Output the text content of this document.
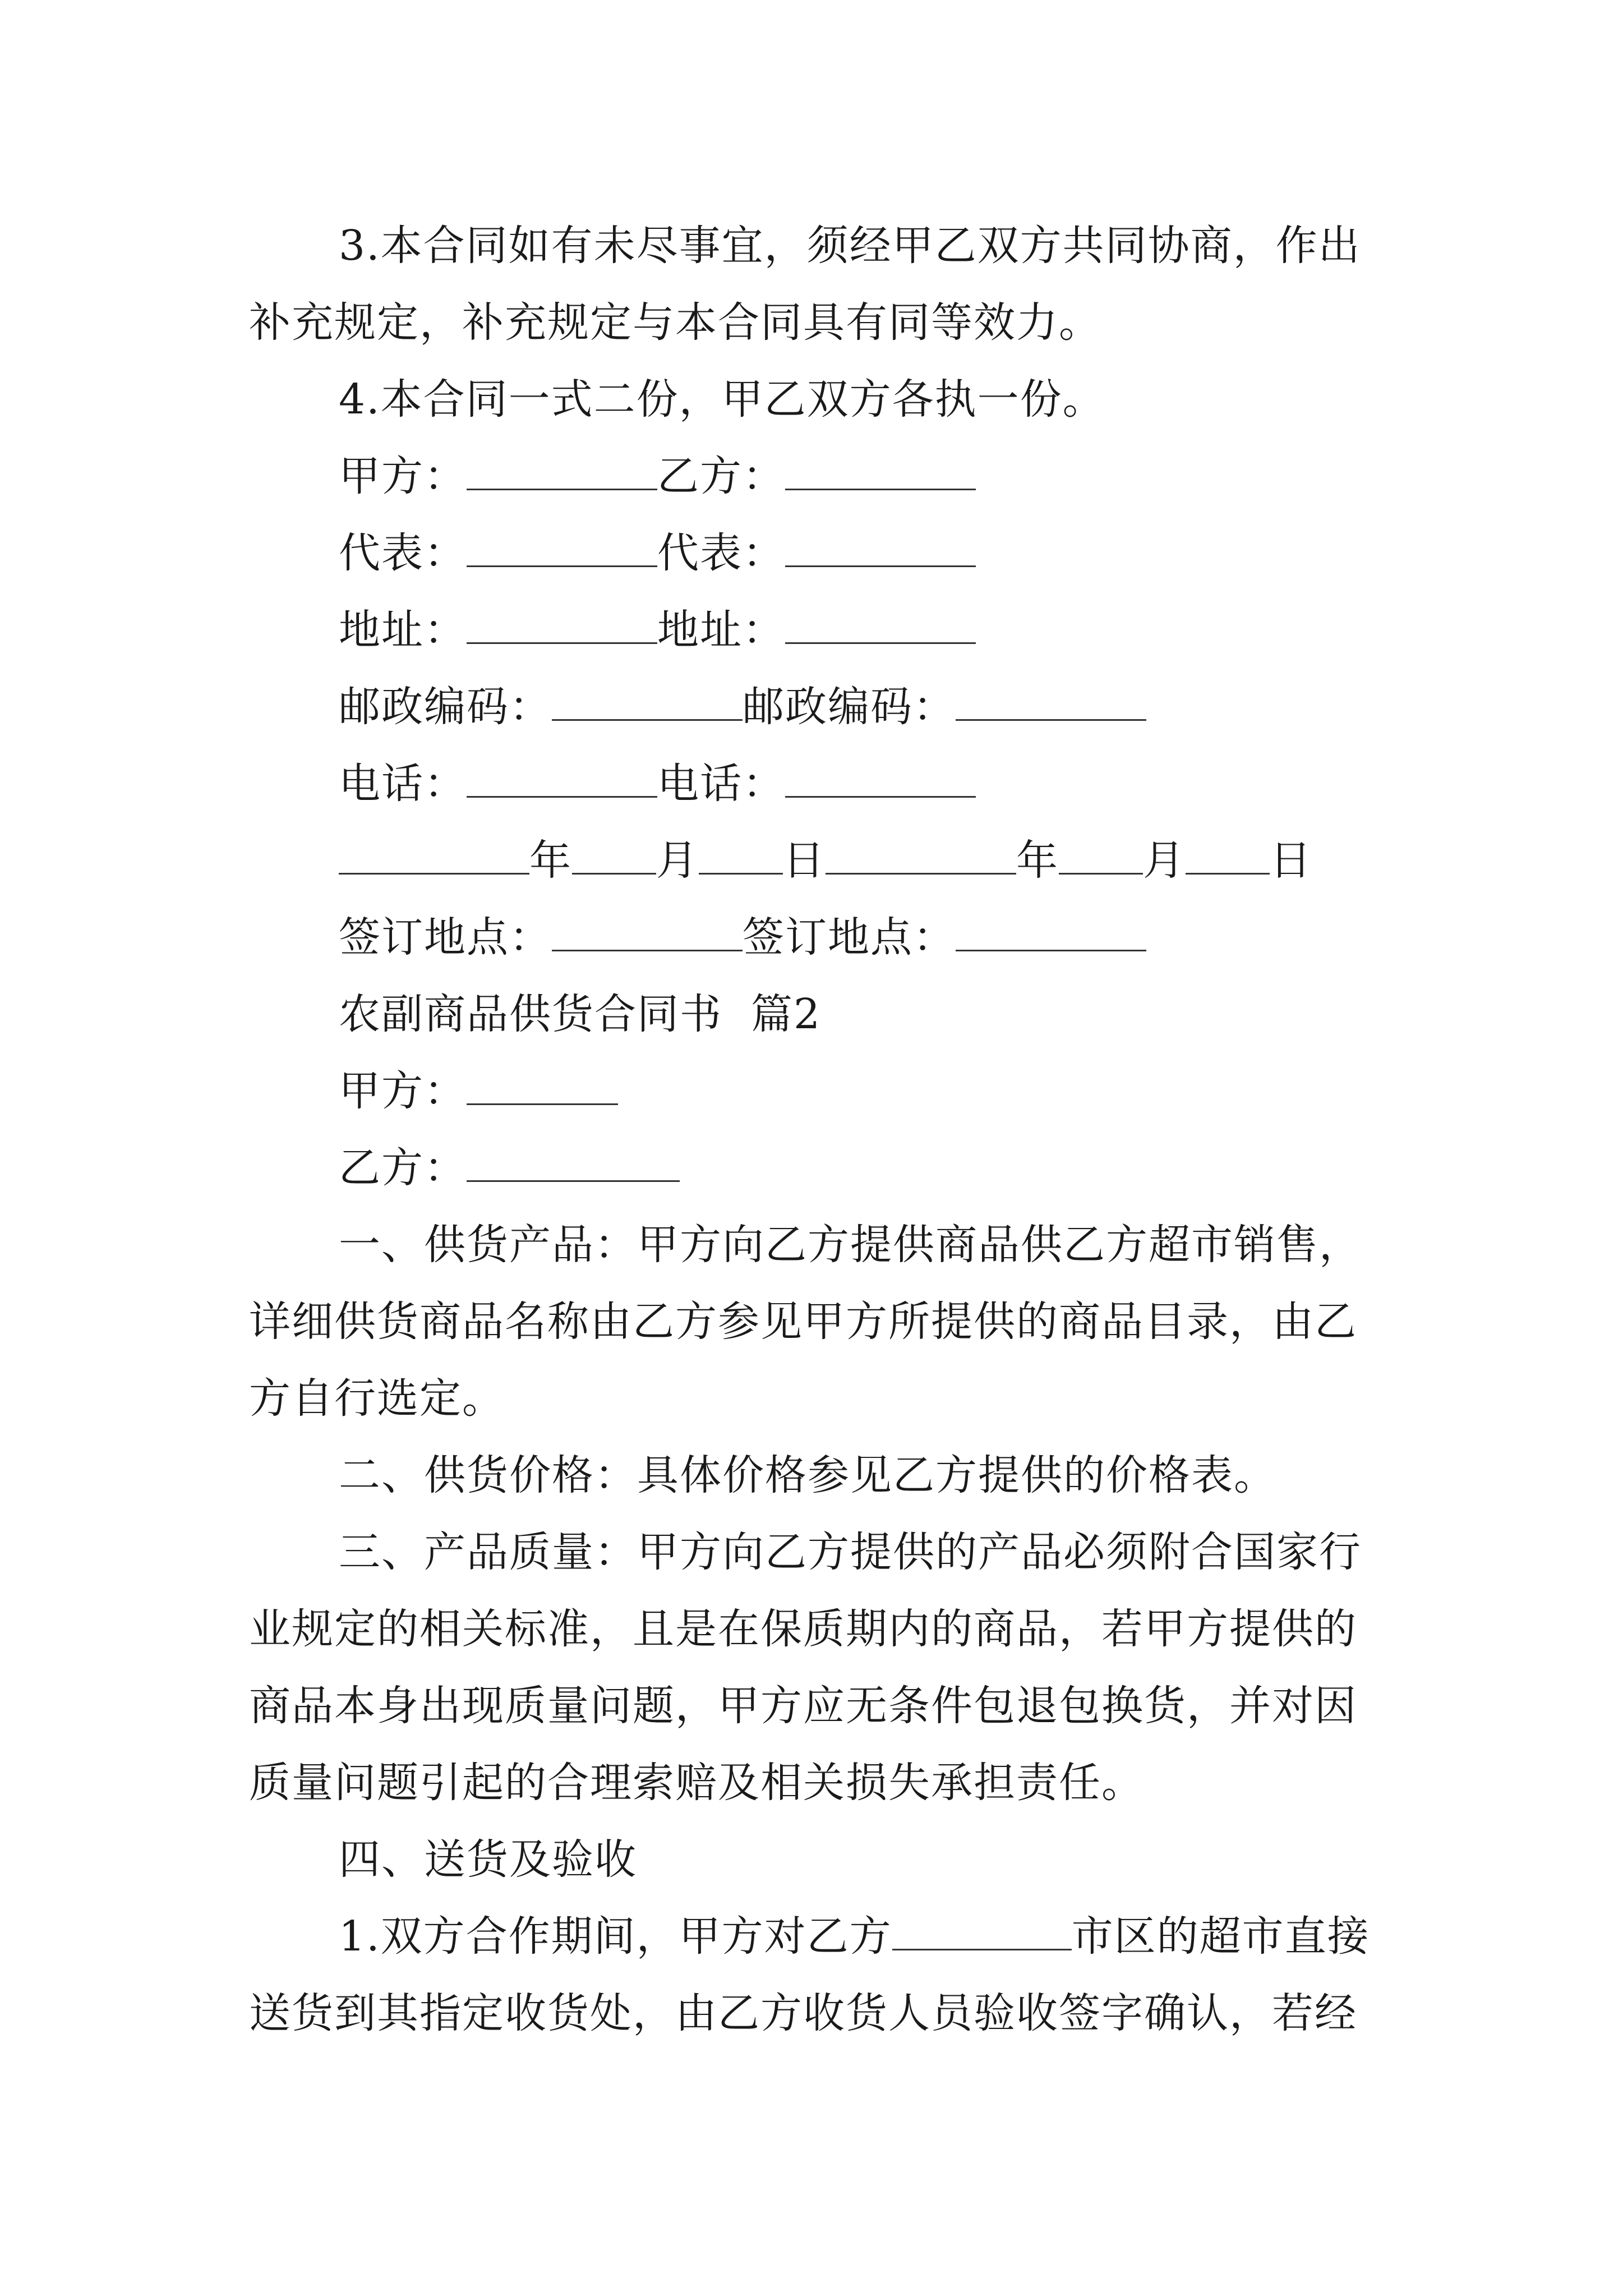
3.本合同如有未尽事宜，须经甲乙双方共同协商，作出
补充规定，补充规定与本合同具有同等效力。
4.本合同一式二份，甲乙双方各执一份。
甲方：	乙方：
代表：	代表：
地址：	地址：
邮政编码：	邮政编码：
电话：	电话：
年 月 日	年 月 日
签订地点：	签订地点：
农副商品供货合同书  篇2
甲方：
乙方：
一、供货产品：甲方向乙方提供商品供乙方超市销售，
详细供货商品名称由乙方参见甲方所提供的商品目录，由乙
方自行选定。
二、供货价格：具体价格参见乙方提供的价格表。
三、产品质量：甲方向乙方提供的产品必须附合国家行
业规定的相关标准，且是在保质期内的商品，若甲方提供的
商品本身出现质量问题，甲方应无条件包退包换货，并对因
质量问题引起的合理索赔及相关损失承担责任。
四、送货及验收
1.双方合作期间，甲方对乙方	市区的超市直接
送货到其指定收货处，由乙方收货人员验收签字确认，若经
